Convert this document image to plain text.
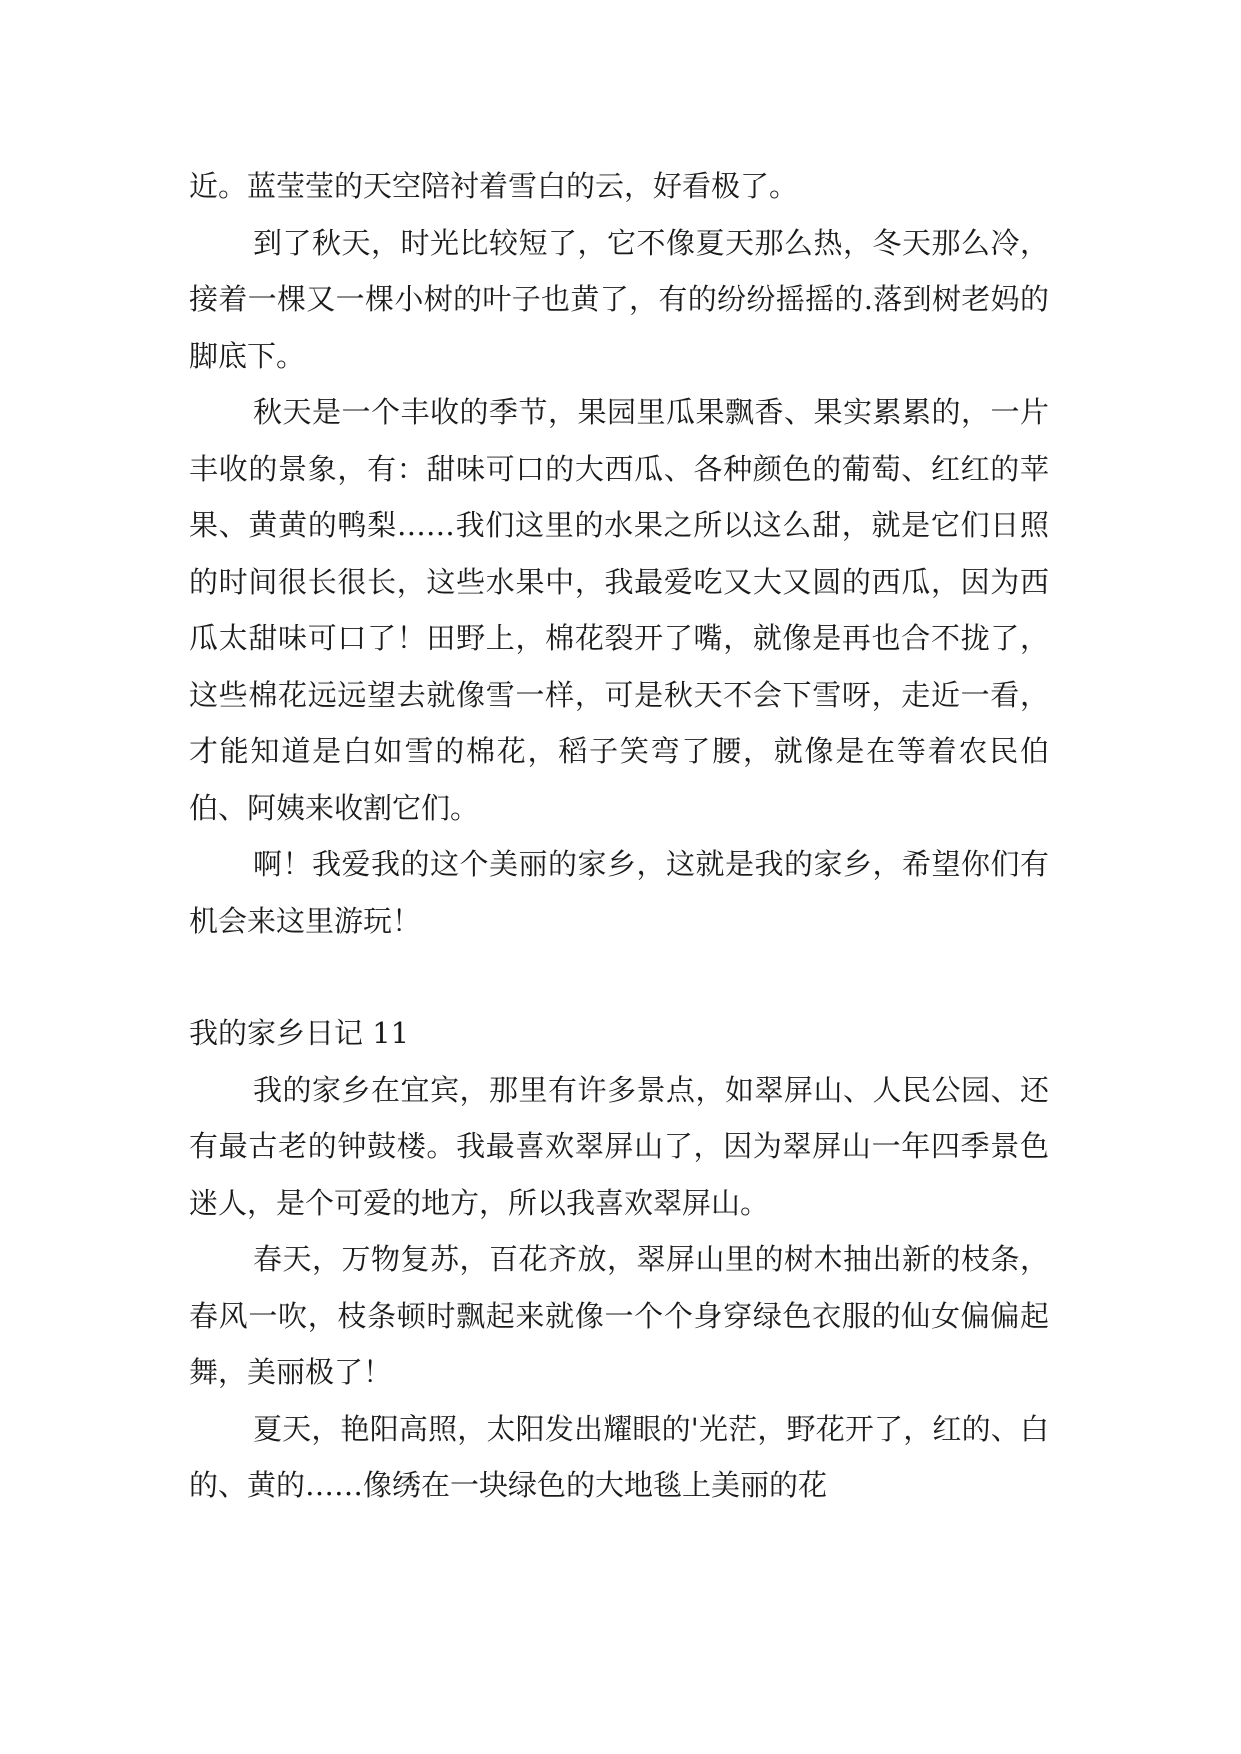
近。蓝莹莹的天空陪衬着雪白的云，好看极了。

到了秋天，时光比较短了，它不像夏天那么热，冬天那么冷，接着一棵又一棵小树的叶子也黄了，有的纷纷摇摇的.落到树老妈的脚底下。

秋天是一个丰收的季节，果园里瓜果飘香、果实累累的，一片丰收的景象，有：甜味可口的大西瓜、各种颜色的葡萄、红红的苹果、黄黄的鸭梨……我们这里的水果之所以这么甜，就是它们日照的时间很长很长，这些水果中，我最爱吃又大又圆的西瓜，因为西瓜太甜味可口了！田野上，棉花裂开了嘴，就像是再也合不拢了，这些棉花远远望去就像雪一样，可是秋天不会下雪呀，走近一看，才能知道是白如雪的棉花，稻子笑弯了腰，就像是在等着农民伯伯、阿姨来收割它们。

啊！我爱我的这个美丽的家乡，这就是我的家乡，希望你们有机会来这里游玩！

我的家乡日记 11

我的家乡在宜宾，那里有许多景点，如翠屏山、人民公园、还有最古老的钟鼓楼。我最喜欢翠屏山了，因为翠屏山一年四季景色迷人，是个可爱的地方，所以我喜欢翠屏山。

春天，万物复苏，百花齐放，翠屏山里的树木抽出新的枝条，春风一吹，枝条顿时飘起来就像一个个身穿绿色衣服的仙女偏偏起舞，美丽极了！

夏天，艳阳高照，太阳发出耀眼的'光茫，野花开了，红的、白的、黄的……像绣在一块绿色的大地毯上美丽的花
